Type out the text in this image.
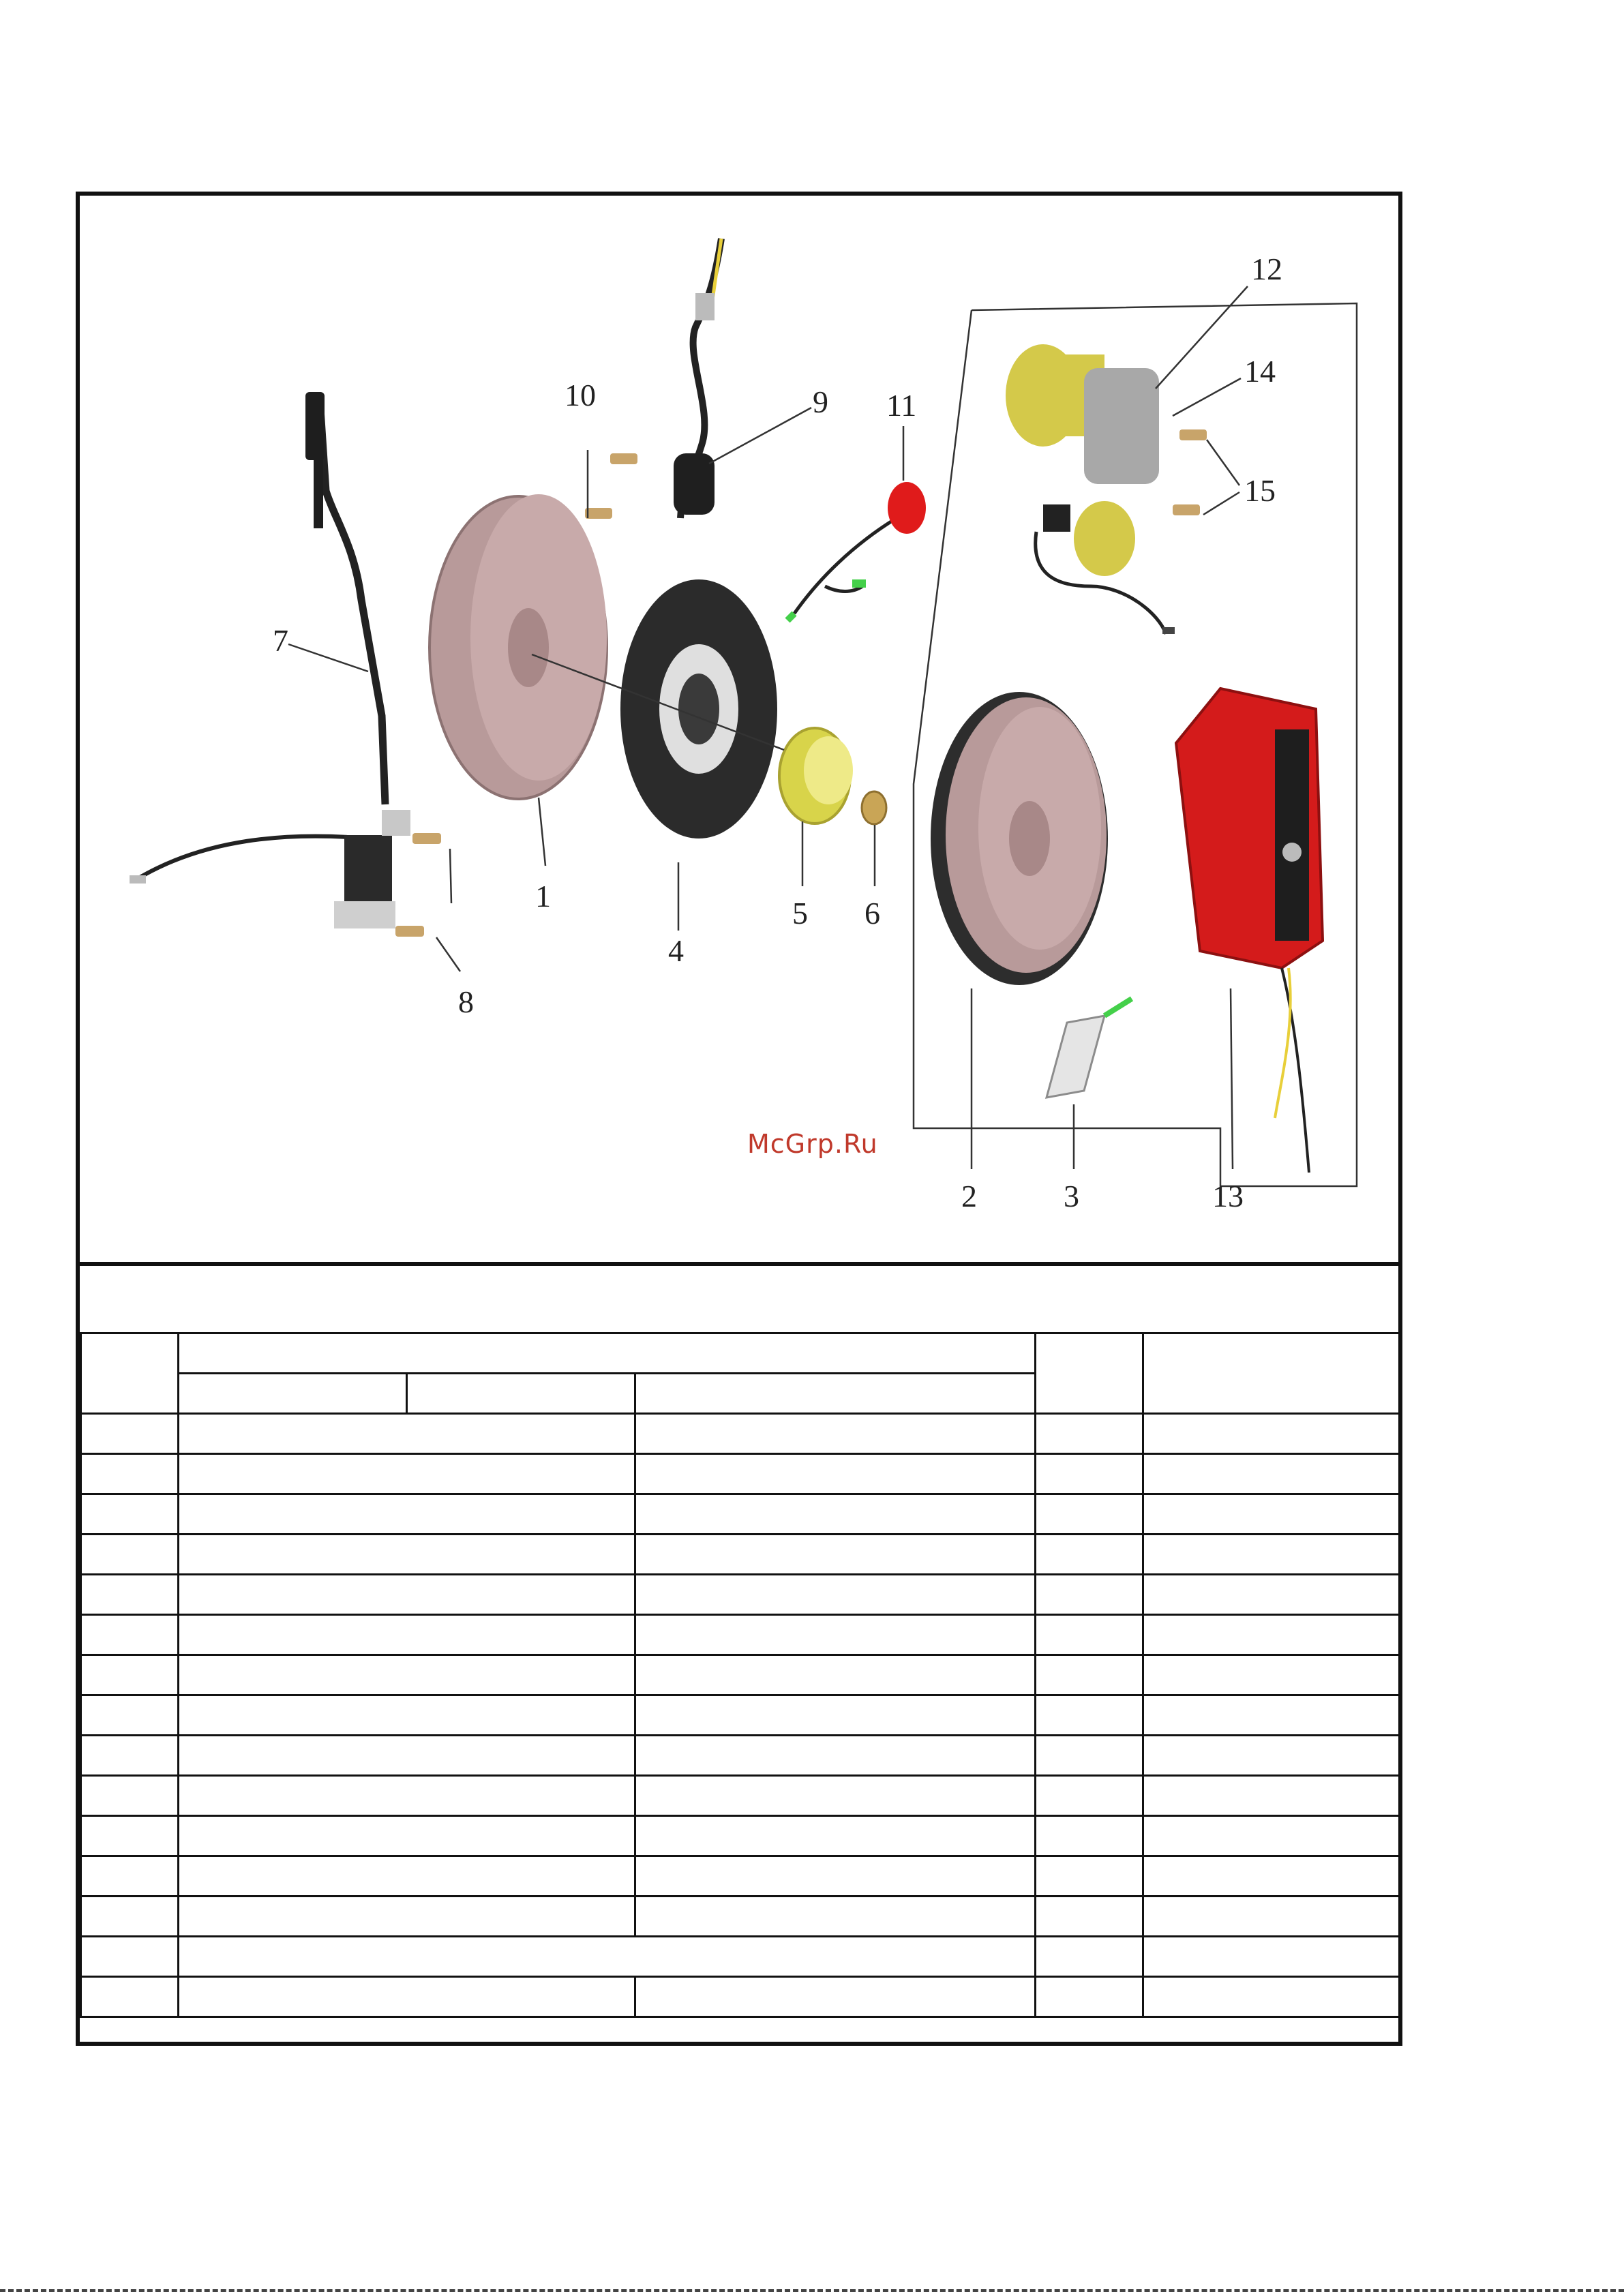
1
2	3
4
5 6
7
8
9
10	11
12
13
14
15
McGrp.Ru
